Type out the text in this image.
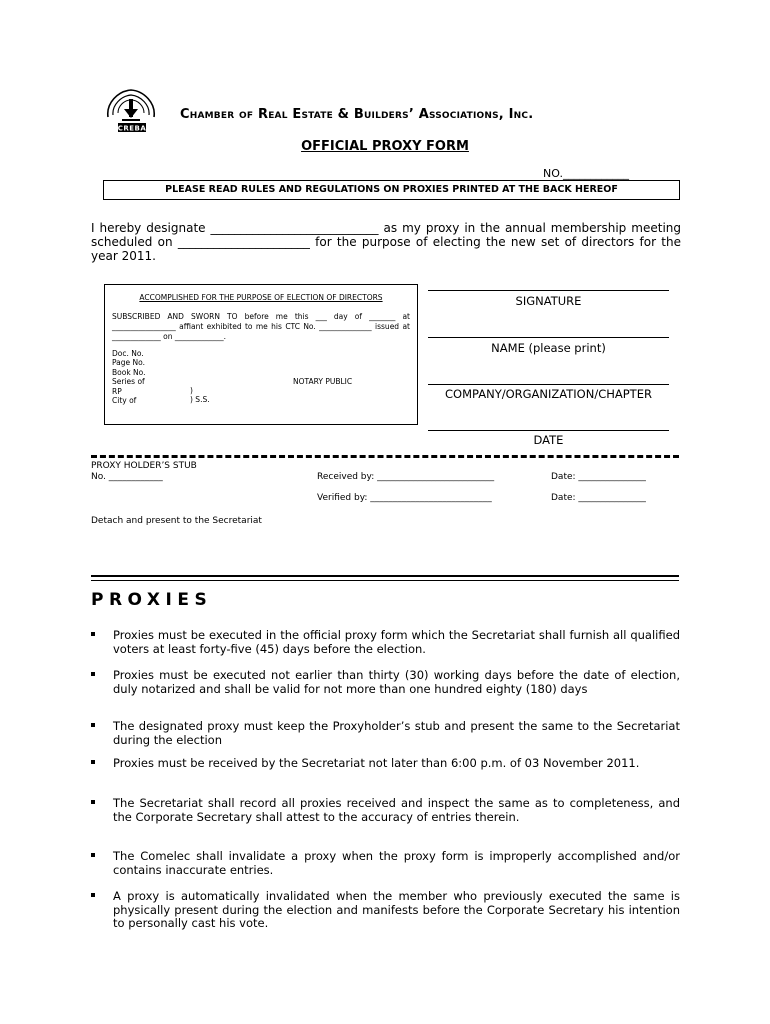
CREBA
Chamber of Real Estate & Builders’ Associations, Inc.
OFFICIAL PROXY FORM
NO.____________
PLEASE READ RULES AND REGULATIONS ON PROXIES PRINTED AT THE BACK HEREOF

I hereby designate ____________________________ as my proxy in the annual membership meeting scheduled on ______________________ for the purpose of electing the new set of directors for the year 2011.

ACCOMPLISHED FOR THE PURPOSE OF ELECTION OF DIRECTORS

SUBSCRIBED AND SWORN TO before me this ___ day of _______ at _________________ affiant exhibited to me his CTC No. ______________ issued at _____________ on _____________.

Doc. No.
Page No.
Book No.
Series of
RP
City of
)
) S.S.
NOTARY PUBLIC
SIGNATURE
NAME (please print)
COMPANY/ORGANIZATION/CHAPTER
DATE
PROXY HOLDER’S STUB
No. ____________	Received by: __________________________	Date: _______________
Verified by: ___________________________	Date: _______________
Detach and present to the Secretariat
PROXIES
Proxies must be executed in the official proxy form which the Secretariat shall furnish all qualified voters at least forty-five (45) days before the election.
Proxies must be executed not earlier than thirty (30) working days before the date of election, duly notarized and shall be valid for not more than one hundred eighty (180) days
The designated proxy must keep the Proxyholder’s stub and present the same to the Secretariat during the election
Proxies must be received by the Secretariat not later than 6:00 p.m. of 03 November 2011.
The Secretariat shall record all proxies received and inspect the same as to completeness, and the Corporate Secretary shall attest to the accuracy of entries therein.
The Comelec shall invalidate a proxy when the proxy form is improperly accomplished and/or contains inaccurate entries.
A proxy is automatically invalidated when the member who previously executed the same is physically present during the election and manifests before the Corporate Secretary his intention to personally cast his vote.
